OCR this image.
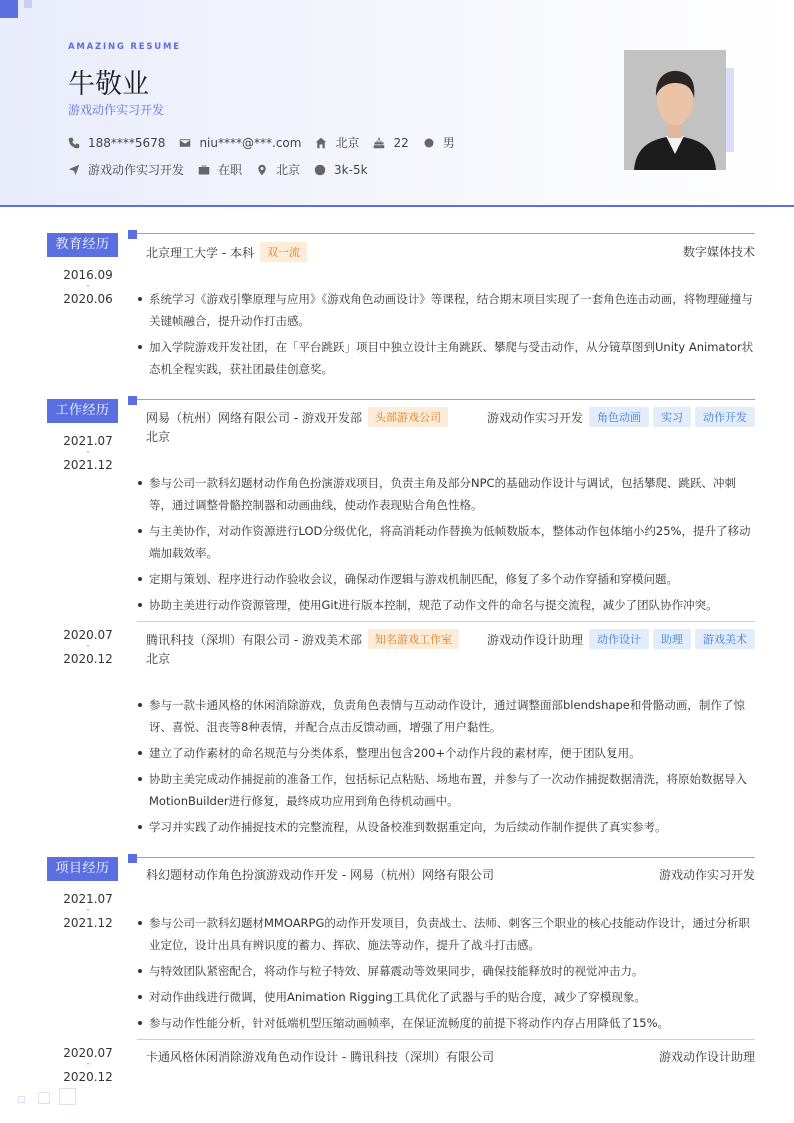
AMAZING RESUME
牛敬业
游戏动作实习开发
188****5678	niu****@***.com	北京	22	男
游戏动作实习开发	在职	北京	3k-5k
教育经历
2016.09
-
2020.06
北京理工大学 - 本科	双一流	数字媒体技术
系统学习《游戏引擎原理与应用》《游戏角色动画设计》等课程，结合期末项目实现了一套角色连击动画，将物理碰撞与关键帧融合，提升动作打击感。
加入学院游戏开发社团，在「平台跳跃」项目中独立设计主角跳跃、攀爬与受击动作，从分镜草图到Unity Animator状态机全程实践，获社团最佳创意奖。
工作经历
2021.07
-
2021.12
网易（杭州）网络有限公司 - 游戏开发部	头部游戏公司	游戏动作实习开发	角色动画	实习	动作开发
北京
参与公司一款科幻题材动作角色扮演游戏项目，负责主角及部分NPC的基础动作设计与调试，包括攀爬、跳跃、冲刺等，通过调整骨骼控制器和动画曲线，使动作表现贴合角色性格。
与主美协作，对动作资源进行LOD分级优化，将高消耗动作替换为低帧数版本，整体动作包体缩小约25%，提升了移动端加载效率。
定期与策划、程序进行动作验收会议，确保动作逻辑与游戏机制匹配，修复了多个动作穿插和穿模问题。
协助主美进行动作资源管理，使用Git进行版本控制，规范了动作文件的命名与提交流程，减少了团队协作冲突。
2020.07
-
2020.12
腾讯科技（深圳）有限公司 - 游戏美术部	知名游戏工作室	游戏动作设计助理	动作设计	助理	游戏美术
北京
参与一款卡通风格的休闲消除游戏，负责角色表情与互动动作设计，通过调整面部blendshape和骨骼动画，制作了惊讶、喜悦、沮丧等8种表情，并配合点击反馈动画，增强了用户黏性。
建立了动作素材的命名规范与分类体系，整理出包含200+个动作片段的素材库，便于团队复用。
协助主美完成动作捕捉前的准备工作，包括标记点粘贴、场地布置，并参与了一次动作捕捉数据清洗，将原始数据导入MotionBuilder进行修复，最终成功应用到角色待机动画中。
学习并实践了动作捕捉技术的完整流程，从设备校准到数据重定向，为后续动作制作提供了真实参考。
项目经历
2021.07
-
2021.12
科幻题材动作角色扮演游戏动作开发 - 网易（杭州）网络有限公司	游戏动作实习开发
参与公司一款科幻题材MMOARPG的动作开发项目，负责战士、法师、刺客三个职业的核心技能动作设计，通过分析职业定位，设计出具有辨识度的蓄力、挥砍、施法等动作，提升了战斗打击感。
与特效团队紧密配合，将动作与粒子特效、屏幕震动等效果同步，确保技能释放时的视觉冲击力。
对动作曲线进行微调，使用Animation Rigging工具优化了武器与手的贴合度，减少了穿模现象。
参与动作性能分析，针对低端机型压缩动画帧率，在保证流畅度的前提下将动作内存占用降低了15%。
2020.07
-
2020.12
卡通风格休闲消除游戏角色动作设计 - 腾讯科技（深圳）有限公司	游戏动作设计助理
